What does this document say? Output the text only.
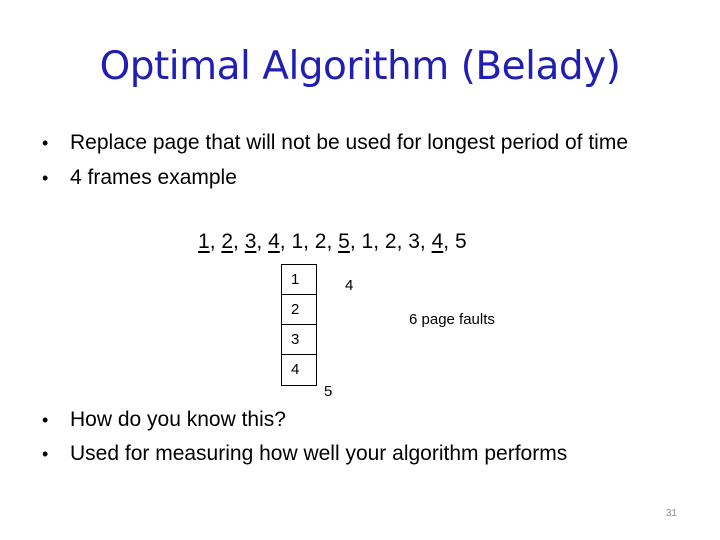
Optimal Algorithm (Belady)
• Replace page that will not be used for longest period of time
• 4 frames example
1, 2, 3, 4, 1, 2, 5, 1, 2, 3, 4, 5
1
2
3
4
4
6 page faults
5
• How do you know this?
• Used for measuring how well your algorithm performs
31
